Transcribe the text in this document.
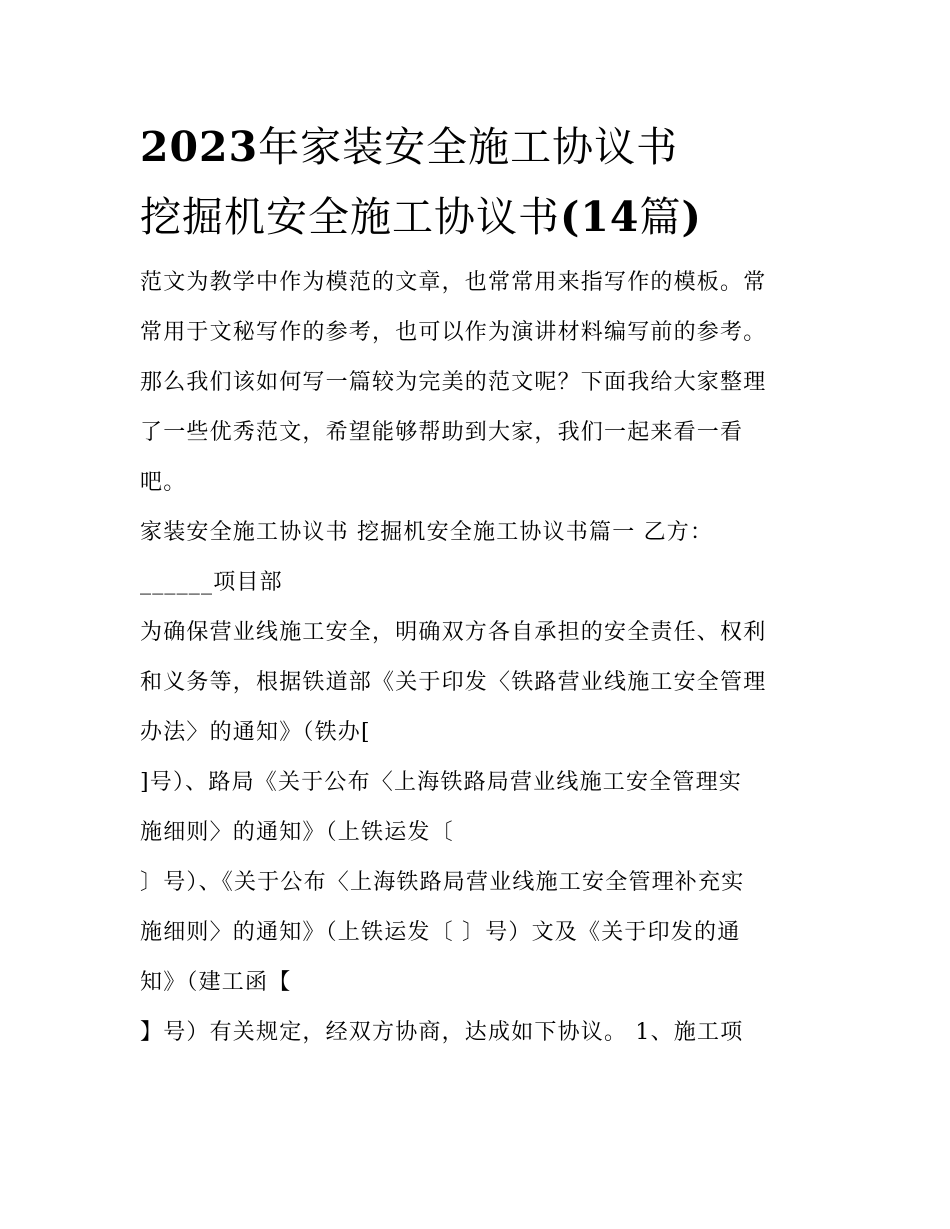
2023年家装安全施工协议书
挖掘机安全施工协议书(14篇)
范文为教学中作为模范的文章，也常常用来指写作的模板。常
常用于文秘写作的参考，也可以作为演讲材料编写前的参考。
那么我们该如何写一篇较为完美的范文呢？下面我给大家整理
了一些优秀范文，希望能够帮助到大家，我们一起来看一看
吧。
家装安全施工协议书 挖掘机安全施工协议书篇一 乙方：
______项目部
为确保营业线施工安全，明确双方各自承担的安全责任、权利
和义务等，根据铁道部《关于印发〈铁路营业线施工安全管理
办法〉的通知》（铁办[
]号）、路局《关于公布〈上海铁路局营业线施工安全管理实
施细则〉的通知》（上铁运发〔
〕号）、《关于公布〈上海铁路局营业线施工安全管理补充实
施细则〉的通知》（上铁运发〔 〕号）文及《关于印发的通
知》（建工函【
】号）有关规定，经双方协商，达成如下协议。 1、施工项
